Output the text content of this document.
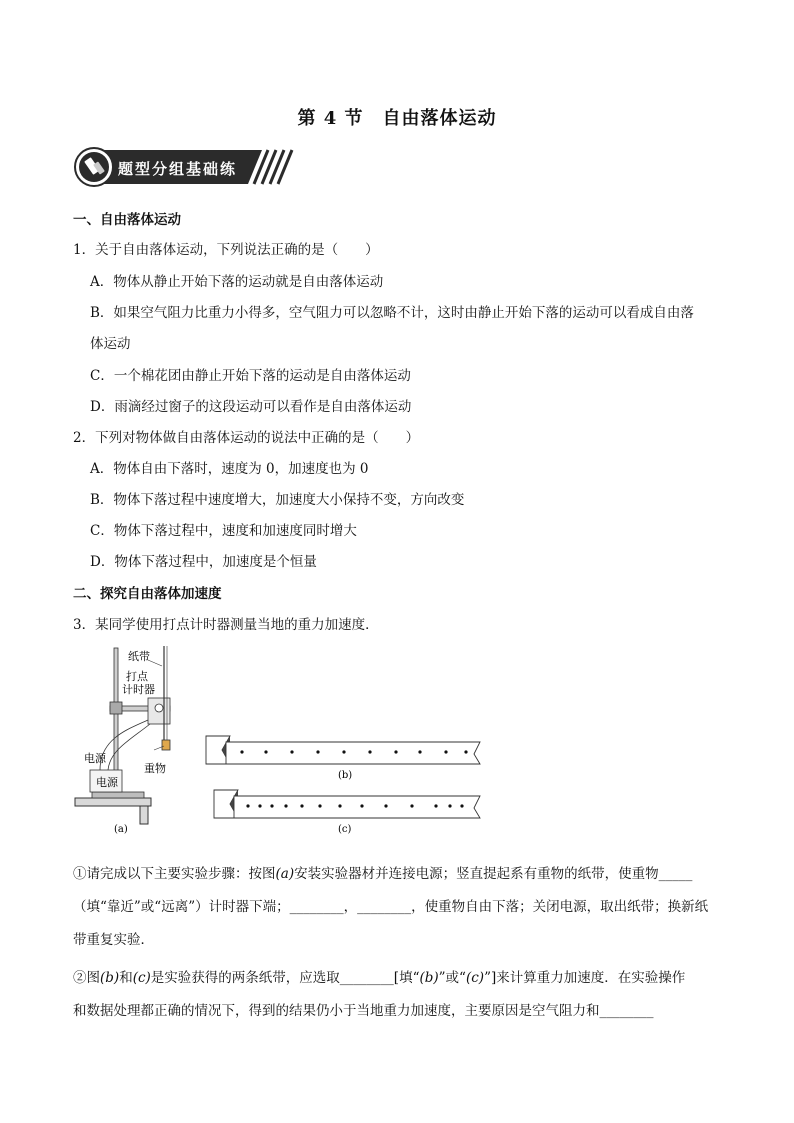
第 4 节　自由落体运动
题型分组基础练
一、自由落体运动
1．关于自由落体运动，下列说法正确的是（　　）
A．物体从静止开始下落的运动就是自由落体运动
B．如果空气阻力比重力小得多，空气阻力可以忽略不计，这时由静止开始下落的运动可以看成自由落
体运动
C．一个棉花团由静止开始下落的运动是自由落体运动
D．雨滴经过窗子的这段运动可以看作是自由落体运动
2．下列对物体做自由落体运动的说法中正确的是（　　）
A．物体自由下落时，速度为 0，加速度也为 0
B．物体下落过程中速度增大，加速度大小保持不变，方向改变
C．物体下落过程中，速度和加速度同时增大
D．物体下落过程中，加速度是个恒量
二、探究自由落体加速度
3．某同学使用打点计时器测量当地的重力加速度．
纸带
打点
计时器
电源
电源
重物
(a)
(b)
(c)
①请完成以下主要实验步骤：按图(a)安装实验器材并连接电源；竖直提起系有重物的纸带，使重物_____
（填“靠近”或“远离”）计时器下端；________，________，使重物自由下落；关闭电源，取出纸带；换新纸
带重复实验．
②图(b)和(c)是实验获得的两条纸带，应选取________[填“(b)”或“(c)”]来计算重力加速度．在实验操作
和数据处理都正确的情况下，得到的结果仍小于当地重力加速度，主要原因是空气阻力和________
